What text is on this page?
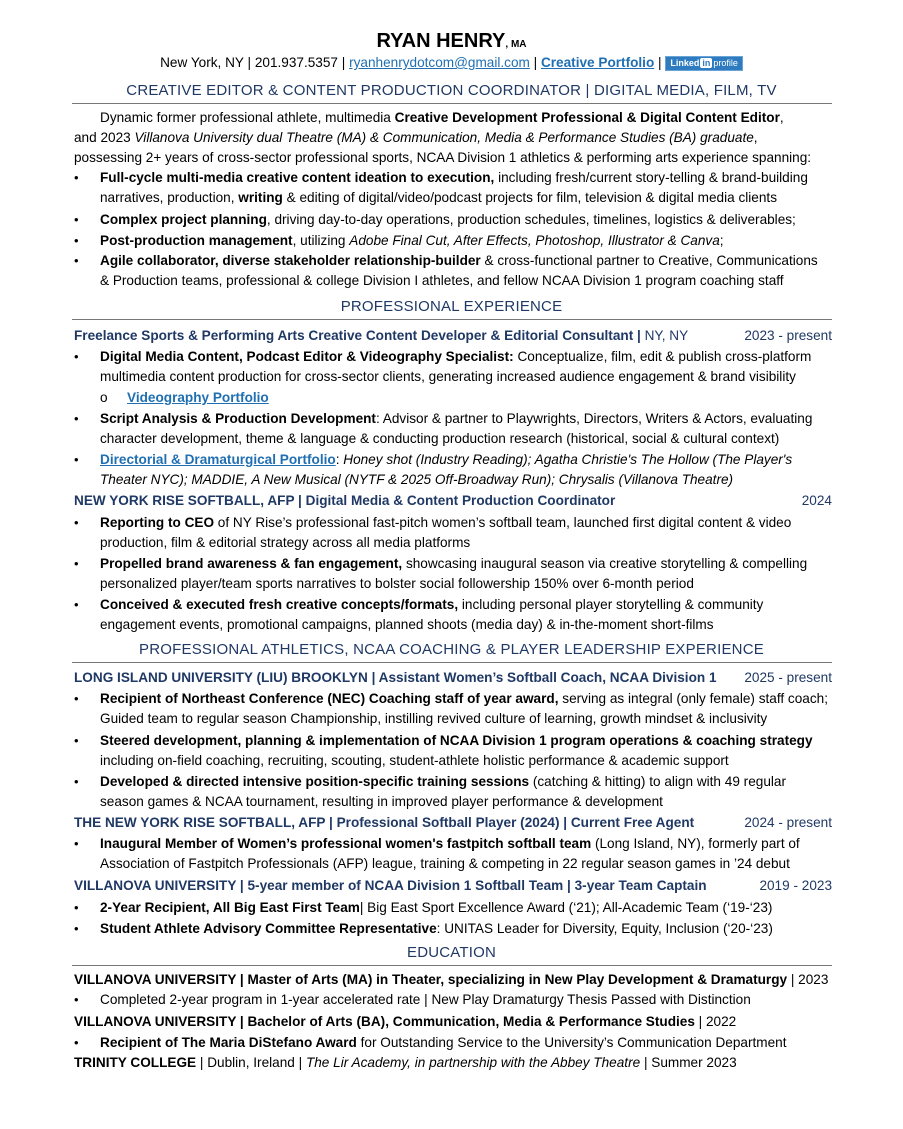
RYAN HENRY, MA
New York, NY | 201.937.5357 | ryanhenrydotcom@gmail.com | Creative Portfolio | Linked in profile
CREATIVE EDITOR & CONTENT PRODUCTION COORDINATOR | DIGITAL MEDIA, FILM, TV
Dynamic former professional athlete, multimedia Creative Development Professional & Digital Content Editor,
and 2023 Villanova University dual Theatre (MA) & Communication, Media & Performance Studies (BA) graduate,
possessing 2+ years of cross-sector professional sports, NCAA Division 1 athletics & performing arts experience spanning:
• Full-cycle multi-media creative content ideation to execution, including fresh/current story-telling & brand-building
narratives, production, writing & editing of digital/video/podcast projects for film, television & digital media clients
• Complex project planning, driving day-to-day operations, production schedules, timelines, logistics & deliverables;
• Post-production management, utilizing Adobe Final Cut, After Effects, Photoshop, Illustrator & Canva;
• Agile collaborator, diverse stakeholder relationship-builder & cross-functional partner to Creative, Communications
& Production teams, professional & college Division I athletes, and fellow NCAA Division 1 program coaching staff
PROFESSIONAL EXPERIENCE
Freelance Sports & Performing Arts Creative Content Developer & Editorial Consultant | NY, NY	2023 - present
• Digital Media Content, Podcast Editor & Videography Specialist: Conceptualize, film, edit & publish cross-platform
multimedia content production for cross-sector clients, generating increased audience engagement & brand visibility
o Videography Portfolio
• Script Analysis & Production Development: Advisor & partner to Playwrights, Directors, Writers & Actors, evaluating
character development, theme & language & conducting production research (historical, social & cultural context)
• Directorial & Dramaturgical Portfolio: Honey shot (Industry Reading); Agatha Christie's The Hollow (The Player's
Theater NYC); MADDIE, A New Musical (NYTF & 2025 Off-Broadway Run); Chrysalis (Villanova Theatre)
NEW YORK RISE SOFTBALL, AFP | Digital Media & Content Production Coordinator	2024
• Reporting to CEO of NY Rise’s professional fast-pitch women’s softball team, launched first digital content & video
production, film & editorial strategy across all media platforms
• Propelled brand awareness & fan engagement, showcasing inaugural season via creative storytelling & compelling
personalized player/team sports narratives to bolster social followership 150% over 6-month period
• Conceived & executed fresh creative concepts/formats, including personal player storytelling & community
engagement events, promotional campaigns, planned shoots (media day) & in-the-moment short-films
PROFESSIONAL ATHLETICS, NCAA COACHING & PLAYER LEADERSHIP EXPERIENCE
LONG ISLAND UNIVERSITY (LIU) BROOKLYN | Assistant Women’s Softball Coach, NCAA Division 1 2025 - present
• Recipient of Northeast Conference (NEC) Coaching staff of year award, serving as integral (only female) staff coach;
Guided team to regular season Championship, instilling revived culture of learning, growth mindset & inclusivity
• Steered development, planning & implementation of NCAA Division 1 program operations & coaching strategy
including on-field coaching, recruiting, scouting, student-athlete holistic performance & academic support
• Developed & directed intensive position-specific training sessions (catching & hitting) to align with 49 regular
season games & NCAA tournament, resulting in improved player performance & development
THE NEW YORK RISE SOFTBALL, AFP | Professional Softball Player (2024) | Current Free Agent	2024 - present
• Inaugural Member of Women’s professional women's fastpitch softball team (Long Island, NY), formerly part of
Association of Fastpitch Professionals (AFP) league, training & competing in 22 regular season games in ’24 debut
VILLANOVA UNIVERSITY | 5-year member of NCAA Division 1 Softball Team | 3-year Team Captain	2019 - 2023
• 2-Year Recipient, All Big East First Team| Big East Sport Excellence Award (‘21); All-Academic Team (‘19-‘23)
• Student Athlete Advisory Committee Representative: UNITAS Leader for Diversity, Equity, Inclusion (‘20-‘23)
EDUCATION
VILLANOVA UNIVERSITY | Master of Arts (MA) in Theater, specializing in New Play Development & Dramaturgy | 2023
• Completed 2-year program in 1-year accelerated rate | New Play Dramaturgy Thesis Passed with Distinction
VILLANOVA UNIVERSITY | Bachelor of Arts (BA), Communication, Media & Performance Studies | 2022
• Recipient of The Maria DiStefano Award for Outstanding Service to the University’s Communication Department
TRINITY COLLEGE | Dublin, Ireland | The Lir Academy, in partnership with the Abbey Theatre | Summer 2023
